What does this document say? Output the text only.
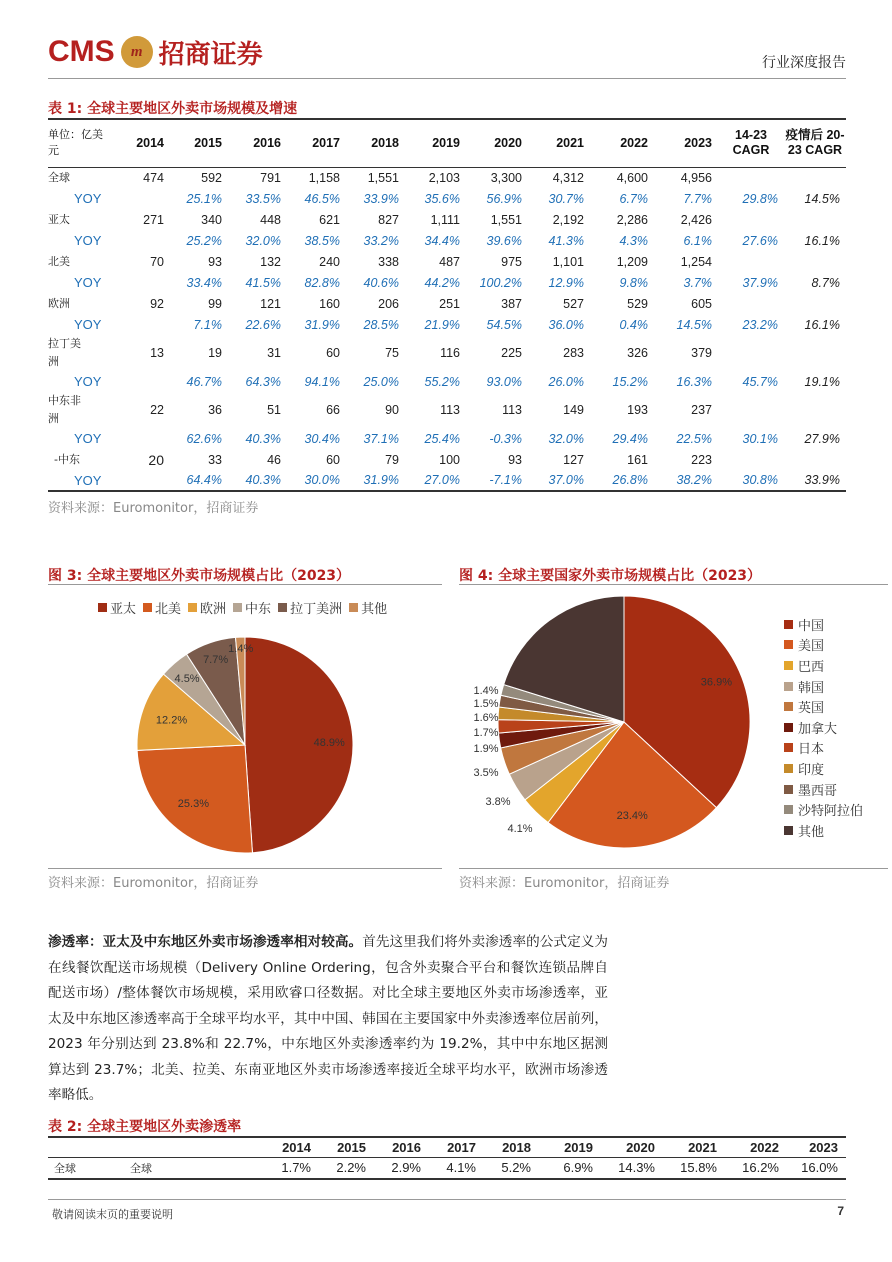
CMS m 招商证券	行业深度报告
表 1: 全球主要地区外卖市场规模及增速
单位：亿美元	2014	2015	2016	2017	2018	2019	2020	2021	2022	2023	14-23 CAGR	疫情后 20-23 CAGR

全球	474	592	791	1,158	1,551	2,103	3,300	4,312	4,600	4,956		
YOY		25.1%	33.5%	46.5%	33.9%	35.6%	56.9%	30.7%	6.7%	7.7%	29.8%	14.5%

亚太	271	340	448	621	827	1,111	1,551	2,192	2,286	2,426		
YOY		25.2%	32.0%	38.5%	33.2%	34.4%	39.6%	41.3%	4.3%	6.1%	27.6%	16.1%

北美	70	93	132	240	338	487	975	1,101	1,209	1,254		
YOY		33.4%	41.5%	82.8%	40.6%	44.2%	100.2%	12.9%	9.8%	3.7%	37.9%	8.7%

欧洲	92	99	121	160	206	251	387	527	529	605		
YOY		7.1%	22.6%	31.9%	28.5%	21.9%	54.5%	36.0%	0.4%	14.5%	23.2%	16.1%

拉丁美洲	13	19	31	60	75	116	225	283	326	379		
YOY		46.7%	64.3%	94.1%	25.0%	55.2%	93.0%	26.0%	15.2%	16.3%	45.7%	19.1%

中东非洲	22	36	51	66	90	113	113	149	193	237		
YOY		62.6%	40.3%	30.4%	37.1%	25.4%	-0.3%	32.0%	29.4%	22.5%	30.1%	27.9%

-中东	20	33	46	60	79	100	93	127	161	223		
YOY		64.4%	40.3%	30.0%	31.9%	27.0%	-7.1%	37.0%	26.8%	38.2%	30.8%	33.9%
资料来源：Euromonitor，招商证券
图 3: 全球主要地区外卖市场规模占比（2023）
亚太 北美 欧洲 中东 拉丁美洲 其他
48.9%
25.3%
12.2%
4.5%
7.7%
1.4%
资料来源：Euromonitor，招商证券
图 4: 全球主要国家外卖市场规模占比（2023）
36.9%
23.4%
4.1%
3.8%
3.5%
1.9%
1.7%
1.6%
1.5%
1.4%
中国
美国
巴西
韩国
英国
加拿大
日本
印度
墨西哥
沙特阿拉伯
其他
资料来源：Euromonitor，招商证券
渗透率：亚太及中东地区外卖市场渗透率相对较高。首先这里我们将外卖渗透率的公式定义为在线餐饮配送市场规模（Delivery Online Ordering，包含外卖聚合平台和餐饮连锁品牌自配送市场）/整体餐饮市场规模，采用欧睿口径数据。对比全球主要地区外卖市场渗透率，亚太及中东地区渗透率高于全球平均水平，其中中国、韩国在主要国家中外卖渗透率位居前列，2023 年分别达到 23.8%和 22.7%，中东地区外卖渗透率约为 19.2%，其中中东地区据测算达到 23.7%；北美、拉美、东南亚地区外卖市场渗透率接近全球平均水平，欧洲市场渗透率略低。
表 2: 全球主要地区外卖渗透率
		2014	2015	2016	2017	2018	2019	2020	2021	2022	2023
全球	全球	1.7%	2.2%	2.9%	4.1%	5.2%	6.9%	14.3%	15.8%	16.2%	16.0%
敬请阅读末页的重要说明	7
